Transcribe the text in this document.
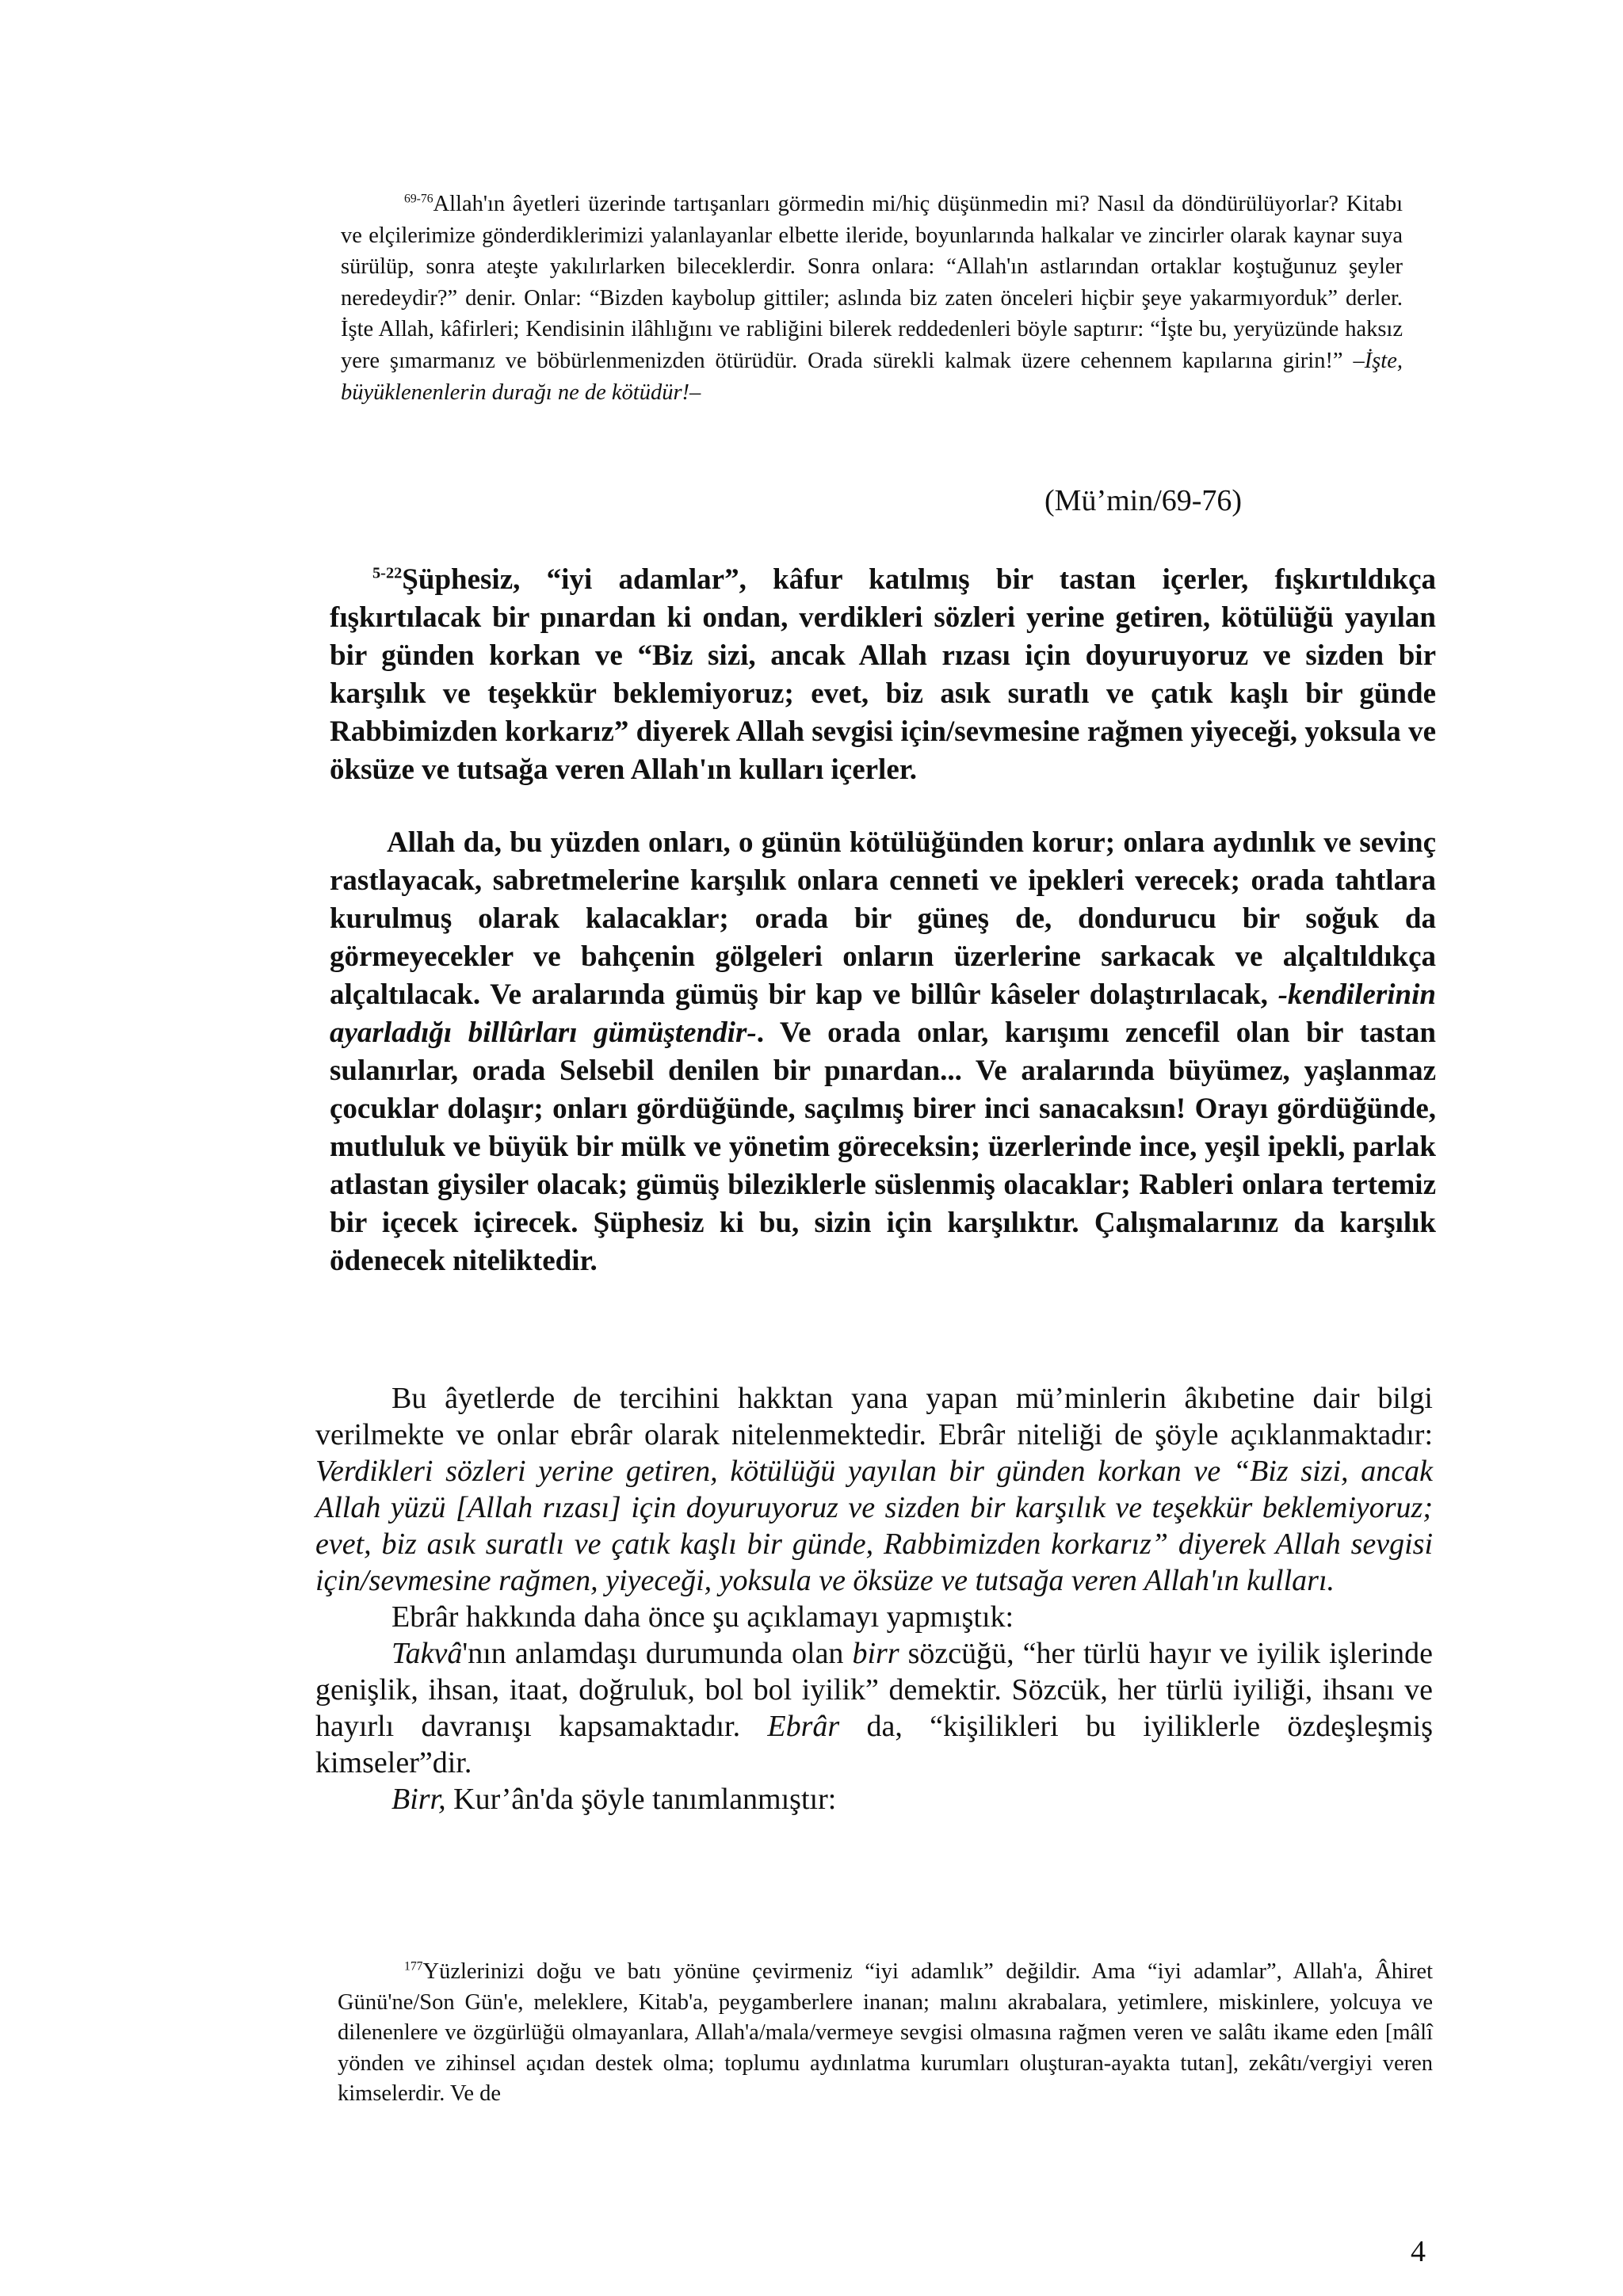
$^{69-76}$Allah'ın âyetleri üzerinde tartışanları görmedin mi/hiç düşünmedin mi? Nasıl da döndürülüyorlar? Kitabı ve elçilerimize gönderdiklerimizi yalanlayanlar elbette ileride, boyunlarında halkalar ve zincirler olarak kaynar suya sürülüp, sonra ateşte yakılırlarken bileceklerdir. Sonra onlara: “Allah'ın astlarından ortaklar koştuğunuz şeyler neredeydir?” denir. Onlar: “Bizden kaybolup gittiler; aslında biz zaten önceleri hiçbir şeye yakarmıyorduk” derler. İşte Allah, kâfirleri; Kendisinin ilâhlığını ve rabliğini bilerek reddedenleri böyle saptırır: “İşte bu, yeryüzünde haksız yere şımarmanız ve böbürlenmenizden ötürüdür. Orada sürekli kalmak üzere cehennem kapılarına girin!” –İşte, büyüklenenlerin durağı ne de kötüdür!–

(Mü’min/69-76)

$^{5-22}$Şüphesiz, “iyi adamlar”, kâfur katılmış bir tastan içerler, fışkırtıldıkça fışkırtılacak bir pınardan ki ondan, verdikleri sözleri yerine getiren, kötülüğü yayılan bir günden korkan ve “Biz sizi, ancak Allah rızası için doyuruyoruz ve sizden bir karşılık ve teşekkür beklemiyoruz; evet, biz asık suratlı ve çatık kaşlı bir günde Rabbimizden korkarız” diyerek Allah sevgisi için/sevmesine rağmen yiyeceği, yoksula ve öksüze ve tutsağa veren Allah'ın kulları içerler.

Allah da, bu yüzden onları, o günün kötülüğünden korur; onlara aydınlık ve sevinç rastlayacak, sabretmelerine karşılık onlara cenneti ve ipekleri verecek; orada tahtlara kurulmuş olarak kalacaklar; orada bir güneş de, dondurucu bir soğuk da görmeyecekler ve bahçenin gölgeleri onların üzerlerine sarkacak ve alçaltıldıkça alçaltılacak. Ve aralarında gümüş bir kap ve billûr kâseler dolaştırılacak, -kendilerinin ayarladığı billûrları gümüştendir-. Ve orada onlar, karışımı zencefil olan bir tastan sulanırlar, orada Selsebil denilen bir pınardan... Ve aralarında büyümez, yaşlanmaz çocuklar dolaşır; onları gördüğünde, saçılmış birer inci sanacaksın! Orayı gördüğünde, mutluluk ve büyük bir mülk ve yönetim göreceksin; üzerlerinde ince, yeşil ipekli, parlak atlastan giysiler olacak; gümüş bileziklerle süslenmiş olacaklar; Rableri onlara tertemiz bir içecek içirecek. Şüphesiz ki bu, sizin için karşılıktır. Çalışmalarınız da karşılık ödenecek niteliktedir.

Bu âyetlerde de tercihini hakktan yana yapan mü’minlerin âkıbetine dair bilgi verilmekte ve onlar ebrâr olarak nitelenmektedir. Ebrâr niteliği de şöyle açıklanmaktadır: Verdikleri sözleri yerine getiren, kötülüğü yayılan bir günden korkan ve “Biz sizi, ancak Allah yüzü [Allah rızası] için doyuruyoruz ve sizden bir karşılık ve teşekkür beklemiyoruz; evet, biz asık suratlı ve çatık kaşlı bir günde, Rabbimizden korkarız” diyerek Allah sevgisi için/sevmesine rağmen, yiyeceği, yoksula ve öksüze ve tutsağa veren Allah'ın kulları.

Ebrâr hakkında daha önce şu açıklamayı yapmıştık:

Takvâ'nın anlamdaşı durumunda olan birr sözcüğü, “her türlü hayır ve iyilik işlerinde genişlik, ihsan, itaat, doğruluk, bol bol iyilik” demektir. Sözcük, her türlü iyiliği, ihsanı ve hayırlı davranışı kapsamaktadır. Ebrâr da, “kişilikleri bu iyiliklerle özdeşleşmiş kimseler”dir.

Birr, Kur’ân'da şöyle tanımlanmıştır:

$^{177}$Yüzlerinizi doğu ve batı yönüne çevirmeniz “iyi adamlık” değildir. Ama “iyi adamlar”, Allah'a, Âhiret Günü'ne/Son Gün'e, meleklere, Kitab'a, peygamberlere inanan; malını akrabalara, yetimlere, miskinlere, yolcuya ve dilenenlere ve özgürlüğü olmayanlara, Allah'a/mala/vermeye sevgisi olmasına rağmen veren ve salâtı ikame eden [mâlî yönden ve zihinsel açıdan destek olma; toplumu aydınlatma kurumları oluşturan-ayakta tutan], zekâtı/vergiyi veren kimselerdir. Ve de

4
